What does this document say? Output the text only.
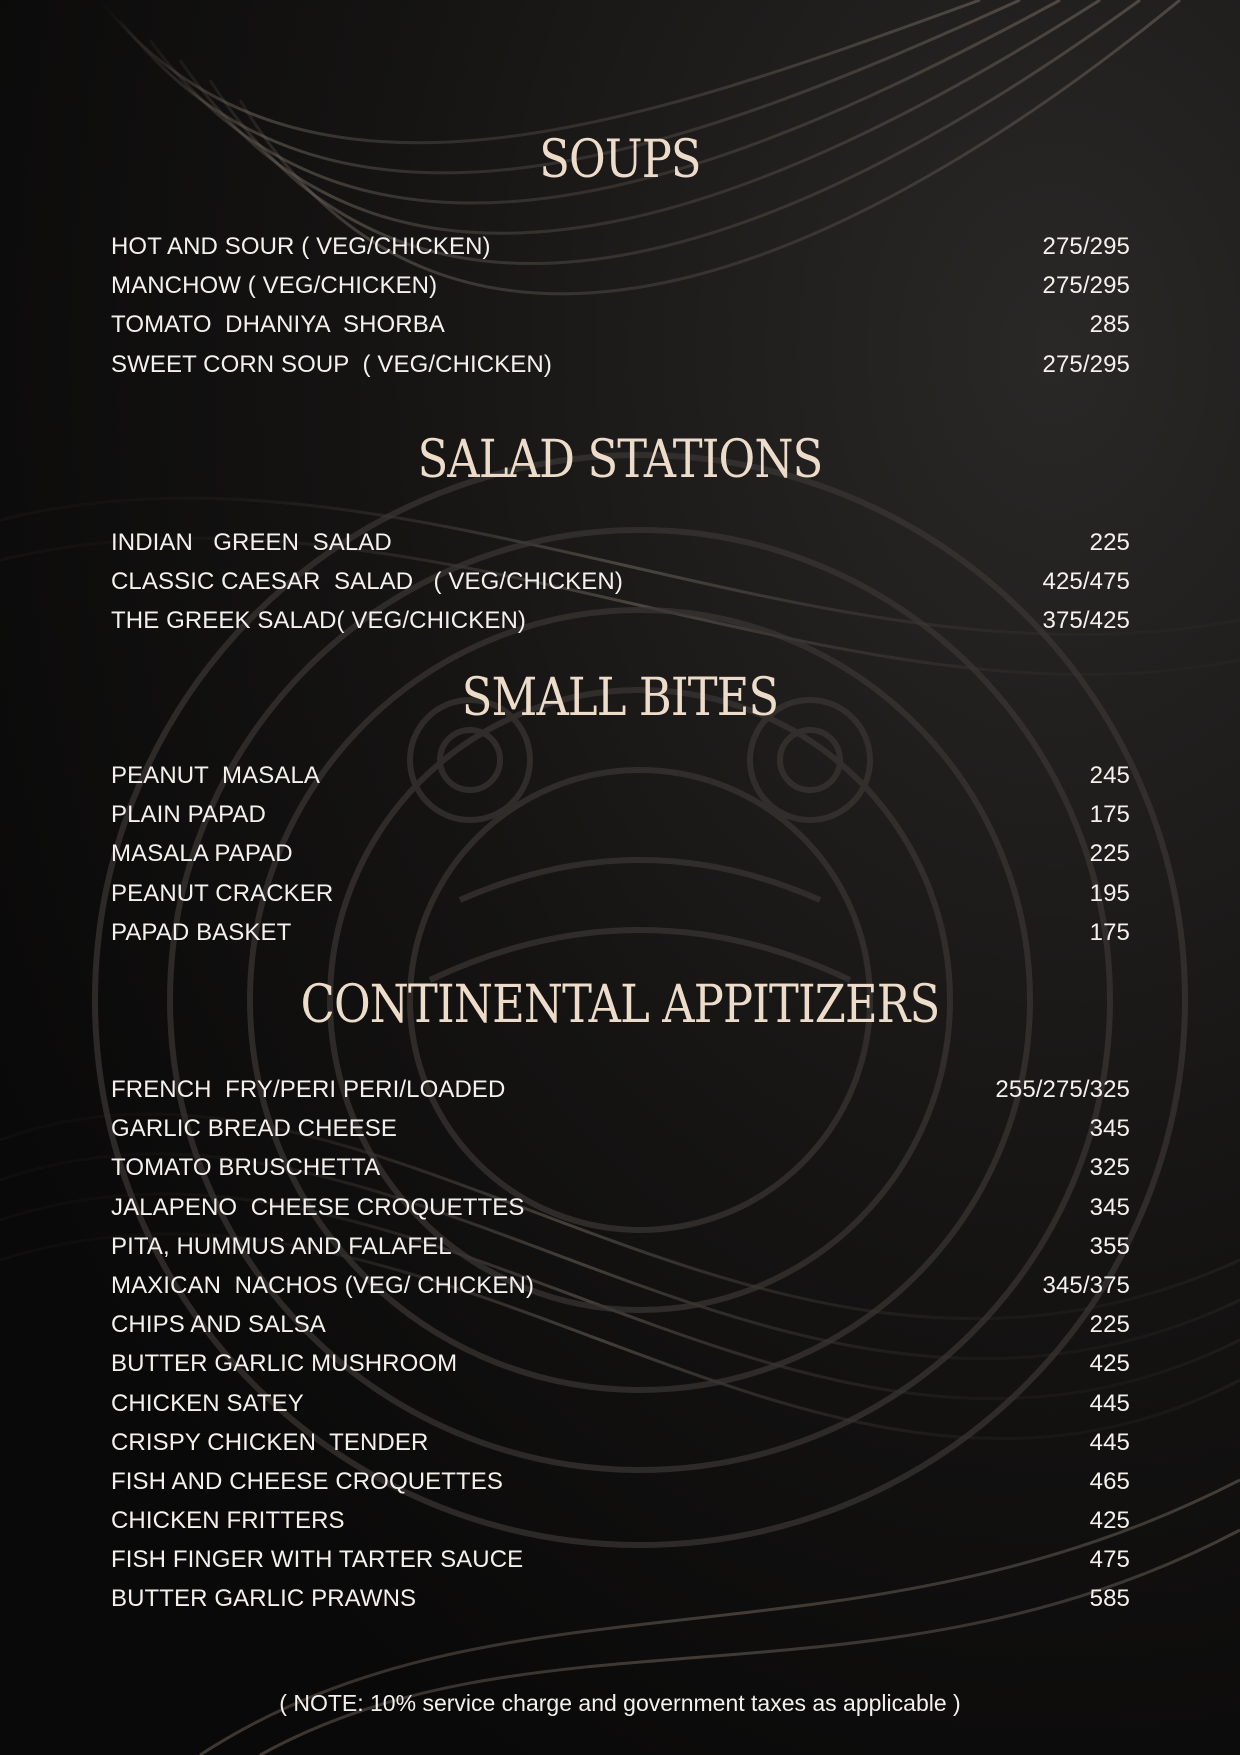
SOUPS
HOT AND SOUR ( VEG/CHICKEN)	275/295
MANCHOW ( VEG/CHICKEN)	275/295
TOMATO  DHANIYA  SHORBA	285
SWEET CORN SOUP  ( VEG/CHICKEN)	275/295
SALAD STATIONS
INDIAN   GREEN  SALAD	225
CLASSIC CAESAR  SALAD   ( VEG/CHICKEN)	425/475
THE GREEK SALAD( VEG/CHICKEN)	375/425
SMALL BITES
PEANUT  MASALA	245
PLAIN PAPAD	175
MASALA PAPAD	225
PEANUT CRACKER	195
PAPAD BASKET	175
CONTINENTAL APPITIZERS
FRENCH  FRY/PERI PERI/LOADED	255/275/325
GARLIC BREAD CHEESE	345
TOMATO BRUSCHETTA	325
JALAPENO  CHEESE CROQUETTES	345
PITA, HUMMUS AND FALAFEL	355
MAXICAN  NACHOS (VEG/ CHICKEN)	345/375
CHIPS AND SALSA	225
BUTTER GARLIC MUSHROOM	425
CHICKEN SATEY	445
CRISPY CHICKEN  TENDER	445
FISH AND CHEESE CROQUETTES	465
CHICKEN FRITTERS	425
FISH FINGER WITH TARTER SAUCE	475
BUTTER GARLIC PRAWNS	585
( NOTE: 10% service charge and government taxes as applicable )
